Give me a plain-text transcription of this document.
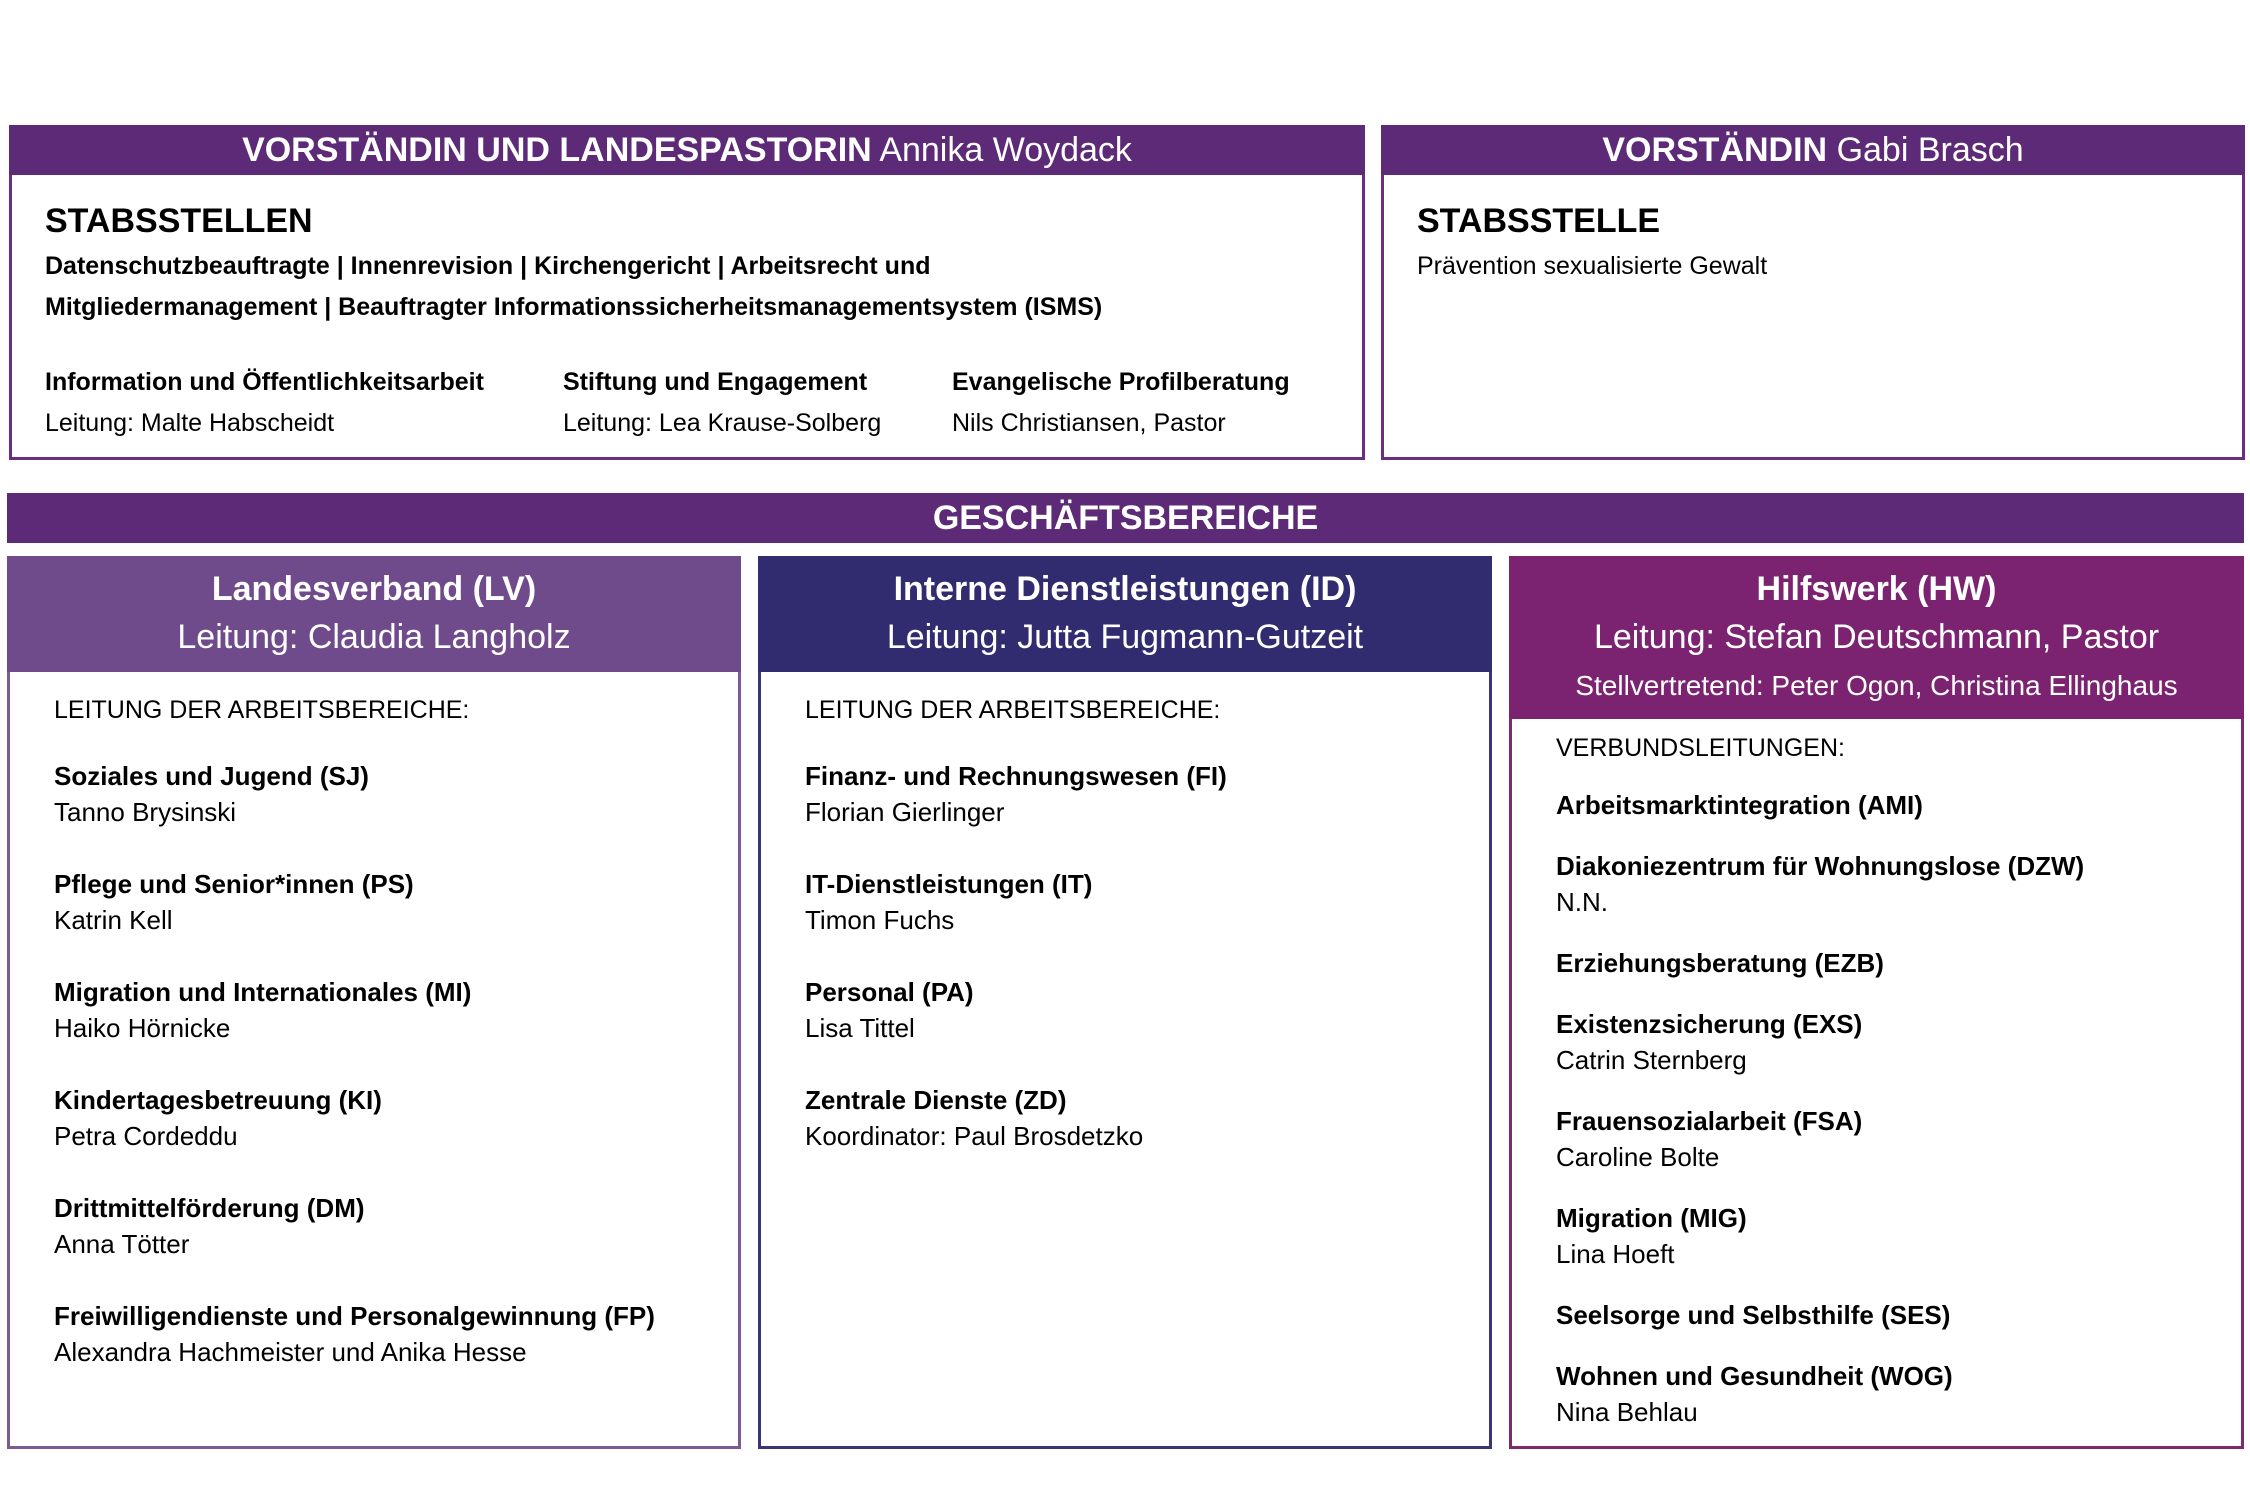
VORSTÄNDIN UND LANDESPASTORIN Annika Woydack
STABSSTELLEN
Datenschutzbeauftragte | Innenrevision | Kirchengericht | Arbeitsrecht und
Mitgliedermanagement | Beauftragter Informationssicherheitsmanagementsystem (ISMS)
Information und Öffentlichkeitsarbeit
Leitung: Malte Habscheidt
Stiftung und Engagement
Leitung: Lea Krause-Solberg
Evangelische Profilberatung
Nils Christiansen, Pastor
VORSTÄNDIN Gabi Brasch
STABSSTELLE
Prävention sexualisierte Gewalt
GESCHÄFTSBEREICHE
Landesverband (LV)
Leitung: Claudia Langholz
LEITUNG DER ARBEITSBEREICHE:
Soziales und Jugend (SJ)
Tanno Brysinski
Pflege und Senior*innen (PS)
Katrin Kell
Migration und Internationales (MI)
Haiko Hörnicke
Kindertagesbetreuung (KI)
Petra Cordeddu
Drittmittelförderung (DM)
Anna Tötter
Freiwilligendienste und Personalgewinnung (FP)
Alexandra Hachmeister und Anika Hesse
Interne Dienstleistungen (ID)
Leitung: Jutta Fugmann-Gutzeit
LEITUNG DER ARBEITSBEREICHE:
Finanz- und Rechnungswesen (FI)
Florian Gierlinger
IT-Dienstleistungen (IT)
Timon Fuchs
Personal (PA)
Lisa Tittel
Zentrale Dienste (ZD)
Koordinator: Paul Brosdetzko
Hilfswerk (HW)
Leitung: Stefan Deutschmann, Pastor
Stellvertretend: Peter Ogon, Christina Ellinghaus
VERBUNDSLEITUNGEN:
Arbeitsmarktintegration (AMI)
Diakoniezentrum für Wohnungslose (DZW)
N.N.
Erziehungsberatung (EZB)
Existenzsicherung (EXS)
Catrin Sternberg
Frauensozialarbeit (FSA)
Caroline Bolte
Migration (MIG)
Lina Hoeft
Seelsorge und Selbsthilfe (SES)
Wohnen und Gesundheit (WOG)
Nina Behlau
